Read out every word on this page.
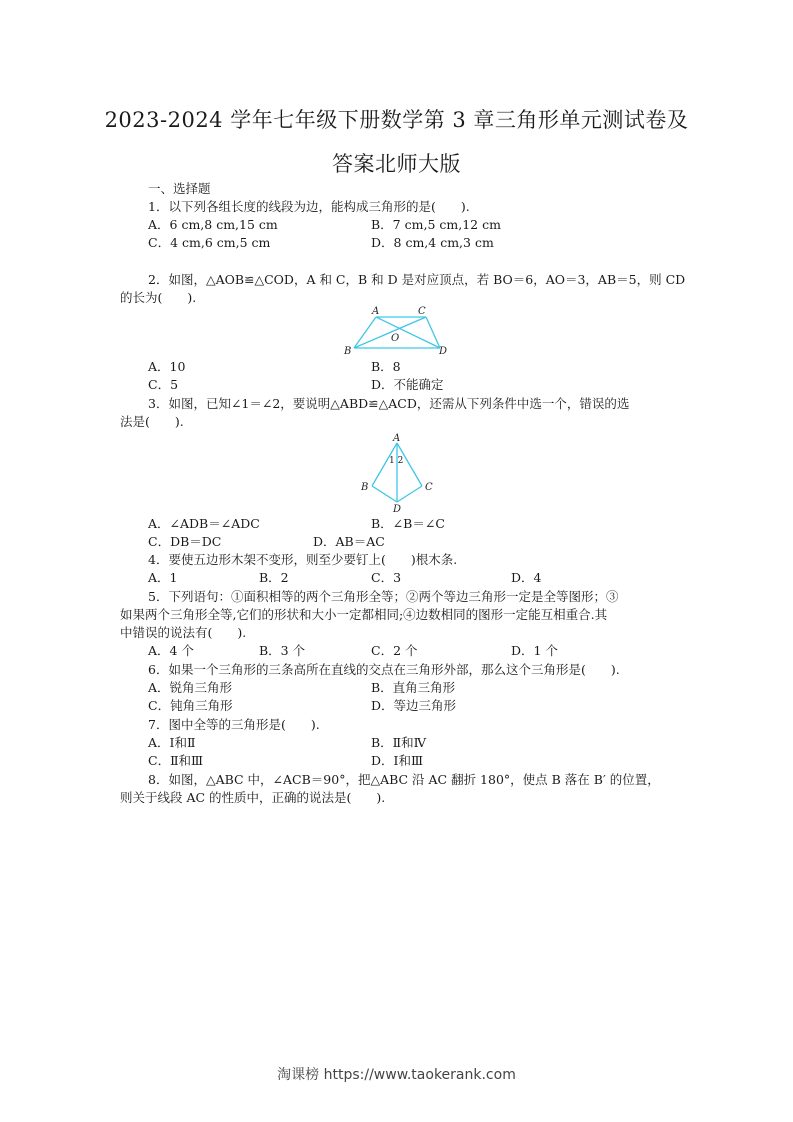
2023-2024 学年七年级下册数学第 3 章三角形单元测试卷及
答案北师大版
一、选择题
1．以下列各组长度的线段为边，能构成三角形的是(　　).
A．6 cm,8 cm,15 cm	B．7 cm,5 cm,12 cm
C．4 cm,6 cm,5 cm	D．8 cm,4 cm,3 cm
2．如图，△AOB≌△COD，A 和 C，B 和 D 是对应顶点，若 BO＝6，AO＝3，AB＝5，则 CD
的长为(　　).
A	C
O
B	D
A．10	B．8
C．5	D．不能确定
3．如图，已知∠1＝∠2，要说明△ABD≌△ACD，还需从下列条件中选一个，错误的选
法是(　　).
A
1 2
B	C
D
A．∠ADB＝∠ADC	B．∠B＝∠C
C．DB＝DC	D．AB＝AC
4．要使五边形木架不变形，则至少要钉上(　　)根木条.
A．1	B．2	C．3	D．4
5．下列语句：①面积相等的两个三角形全等；②两个等边三角形一定是全等图形；③
如果两个三角形全等,它们的形状和大小一定都相同;④边数相同的图形一定能互相重合.其
中错误的说法有(　　).
A．4 个	B．3 个	C．2 个	D．1 个
6．如果一个三角形的三条高所在直线的交点在三角形外部，那么这个三角形是(　　).
A．锐角三角形	B．直角三角形
C．钝角三角形	D．等边三角形
7．图中全等的三角形是(　　).
A．Ⅰ和Ⅱ	B．Ⅱ和Ⅳ
C．Ⅱ和Ⅲ	D．Ⅰ和Ⅲ
8．如图，△ABC 中，∠ACB＝90°，把△ABC 沿 AC 翻折 180°，使点 B 落在 B′ 的位置，
则关于线段 AC 的性质中，正确的说法是(　　).
淘课榜 https://www.taokerank.com
